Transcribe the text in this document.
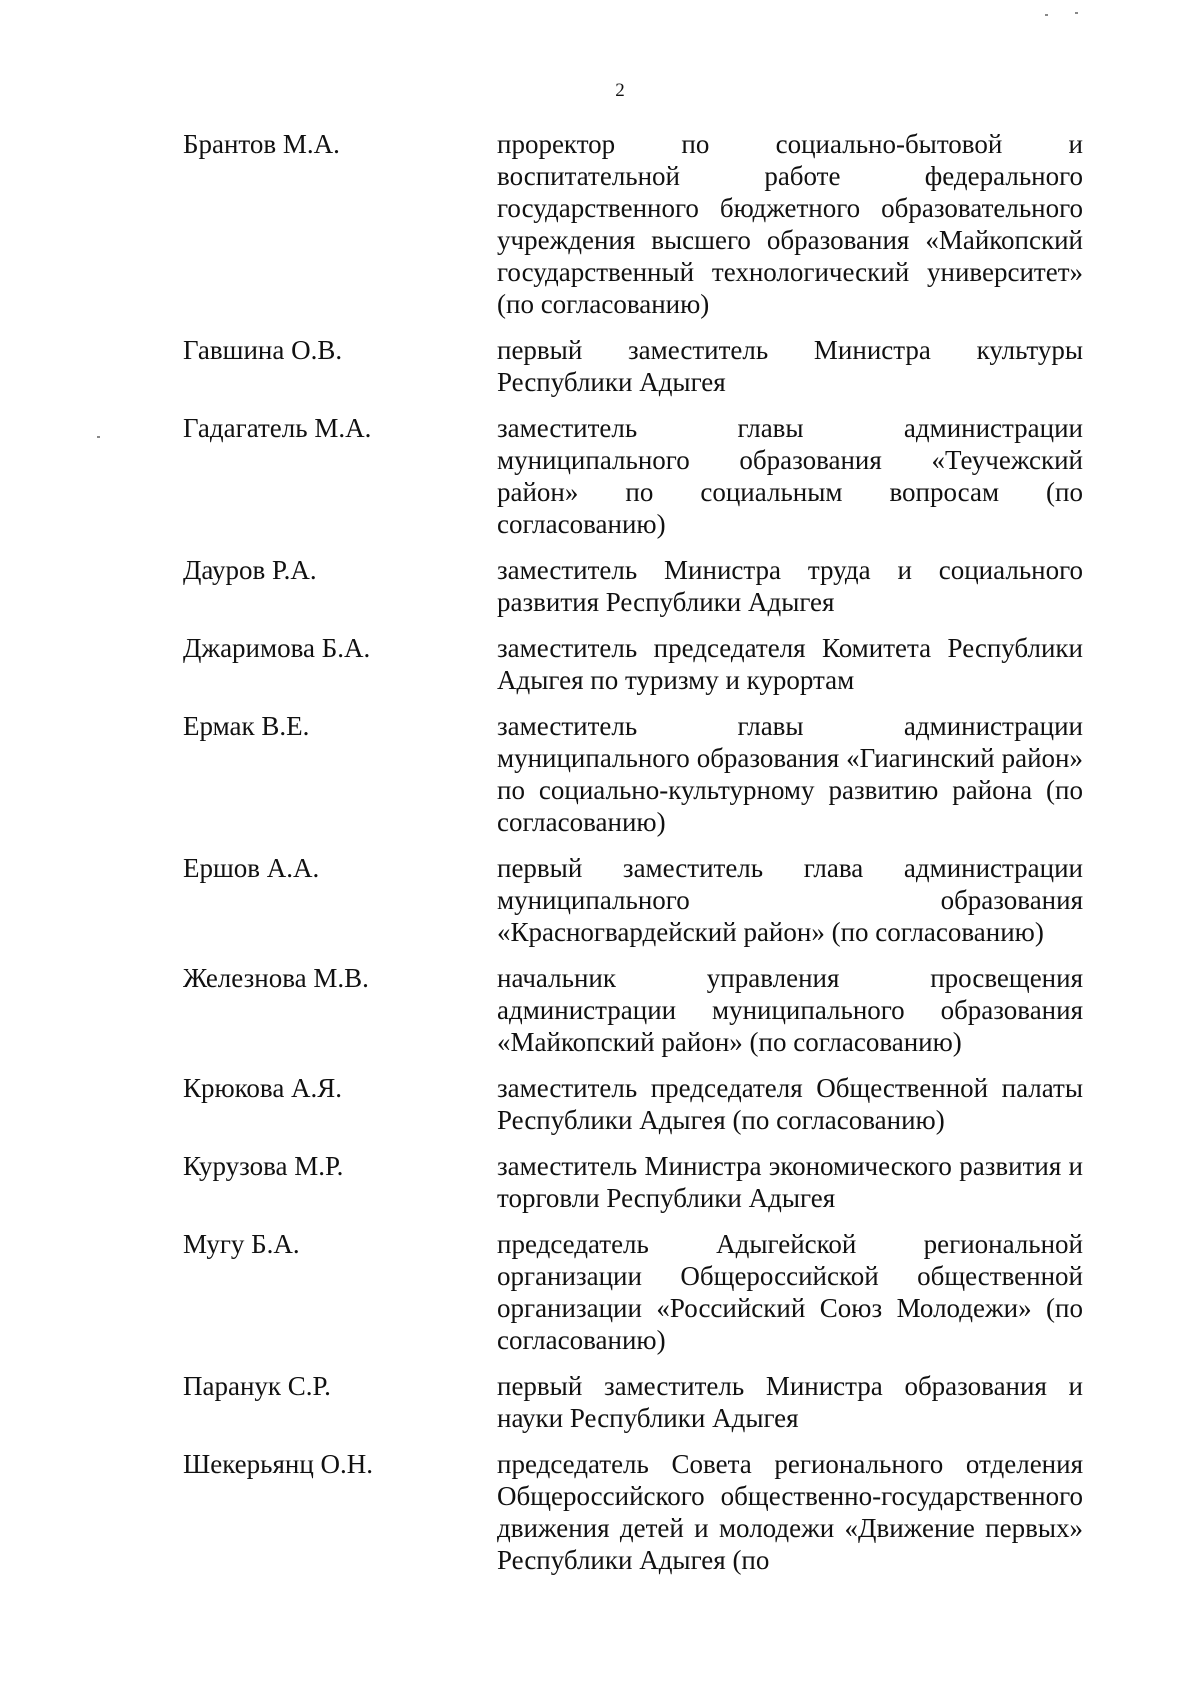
2
Брантов М.А.	проректор по социально-бытовой и воспитательной работе федерального государственного бюджетного образовательного учреждения высшего образования «Майкопский государственный технологический университет» (по согласованию)
Гавшина О.В.	первый заместитель Министра культуры Республики Адыгея
Гадагатель М.А.	заместитель главы администрации муниципального образования «Теучежский район» по социальным вопросам (по согласованию)
Дауров Р.А.	заместитель Министра труда и социального развития Республики Адыгея
Джаримова Б.А.	заместитель председателя Комитета Республики Адыгея по туризму и курортам
Ермак В.Е.	заместитель главы администрации муниципального образования «Гиагинский район» по социально-культурному развитию района (по согласованию)
Ершов А.А.	первый заместитель глава администрации муниципального образования «Красногвардейский район» (по согласованию)
Железнова М.В.	начальник управления просвещения администрации муниципального образования «Майкопский район» (по согласованию)
Крюкова А.Я.	заместитель председателя Общественной палаты Республики Адыгея (по согласованию)
Курузова М.Р.	заместитель Министра экономического развития и торговли Республики Адыгея
Мугу Б.А.	председатель Адыгейской региональной организации Общероссийской общественной организации «Российский Союз Молодежи» (по согласованию)
Паранук С.Р.	первый заместитель Министра образования и науки Республики Адыгея
Шекерьянц О.Н.	председатель Совета регионального отделения Общероссийского общественно-государственного движения детей и молодежи «Движение первых» Республики Адыгея (по
